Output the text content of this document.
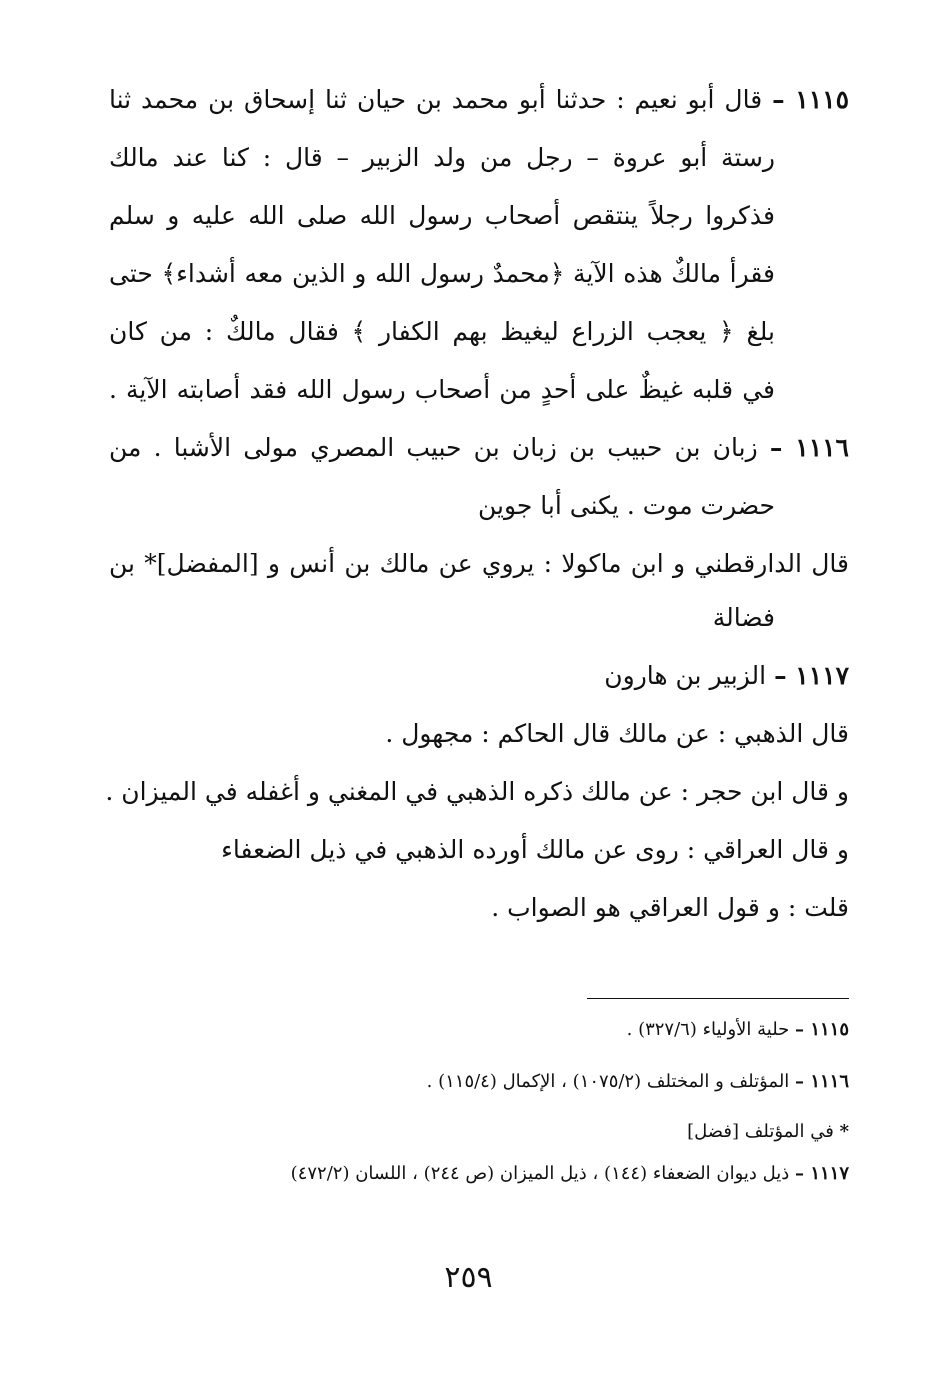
١١١٥ – قال أبو نعيم : حدثنا أبو محمد بن حيان ثنا إسحاق بن محمد ثنا
رستة أبو عروة – رجل من ولد الزبير – قال : كنا عند مالك
فذكروا رجلاً ينتقص أصحاب رسول الله صلى الله عليه و سلم
فقرأ مالكٌ هذه الآية ﴿محمدٌ رسول الله و الذين معه أشداء﴾ حتى
بلغ ﴿ يعجب الزراع ليغيظ بهم الكفار ﴾ فقال مالكٌ : من كان
في قلبه غيظٌ على أحدٍ من أصحاب رسول الله فقد أصابته الآية .
١١١٦ – زبان بن حبيب بن زبان بن حبيب المصري مولى الأشبا . من
حضرت موت . يكنى أبا جوين
قال الدارقطني و ابن ماكولا : يروي عن مالك بن أنس و [المفضل]* بن
فضالة
١١١٧ – الزبير بن هارون
قال الذهبي : عن مالك قال الحاكم : مجهول .
و قال ابن حجر : عن مالك ذكره الذهبي في المغني و أغفله في الميزان .
و قال العراقي : روى عن مالك أورده الذهبي في ذيل الضعفاء
قلت : و قول العراقي هو الصواب .
١١١٥ – حلية الأولياء (٣٢٧/٦) .
١١١٦ – المؤتلف و المختلف (١٠٧٥/٢) ، الإكمال (١١٥/٤) .
* في المؤتلف [فضل]
١١١٧ – ذيل ديوان الضعفاء (١٤٤) ، ذيل الميزان (ص ٢٤٤) ، اللسان (٤٧٢/٢)
٢٥٩
